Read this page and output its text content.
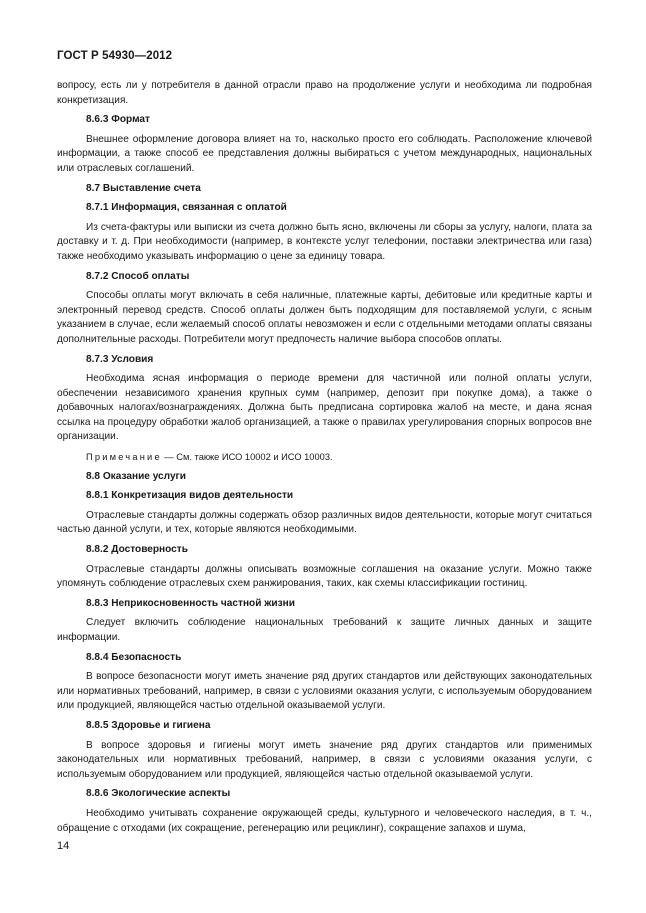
ГОСТ Р 54930—2012
вопросу, есть ли у потребителя в данной отрасли право на продолжение услуги и необходима ли подробная конкретизация.
8.6.3 Формат
Внешнее оформление договора влияет на то, насколько просто его соблюдать. Расположение ключевой информации, а также способ ее представления должны выбираться с учетом международных, национальных или отраслевых соглашений.
8.7 Выставление счета
8.7.1 Информация, связанная с оплатой
Из счета-фактуры или выписки из счета должно быть ясно, включены ли сборы за услугу, налоги, плата за доставку и т. д. При необходимости (например, в контексте услуг телефонии, поставки электричества или газа) также необходимо указывать информацию о цене за единицу товара.
8.7.2 Способ оплаты
Способы оплаты могут включать в себя наличные, платежные карты, дебитовые или кредитные карты и электронный перевод средств. Способ оплаты должен быть подходящим для поставляемой услуги, с ясным указанием в случае, если желаемый способ оплаты невозможен и если с отдельными методами оплаты связаны дополнительные расходы. Потребители могут предпочесть наличие выбора способов оплаты.
8.7.3 Условия
Необходима ясная информация о периоде времени для частичной или полной оплаты услуги, обеспечении независимого хранения крупных сумм (например, депозит при покупке дома), а также о добавочных налогах/вознаграждениях. Должна быть предписана сортировка жалоб на месте, и дана ясная ссылка на процедуру обработки жалоб организацией, а также о правилах урегулирования спорных вопросов вне организации.
Примечание — См. также ИСО 10002 и ИСО 10003.
8.8 Оказание услуги
8.8.1 Конкретизация видов деятельности
Отраслевые стандарты должны содержать обзор различных видов деятельности, которые могут считаться частью данной услуги, и тех, которые являются необходимыми.
8.8.2 Достоверность
Отраслевые стандарты должны описывать возможные соглашения на оказание услуги. Можно также упомянуть соблюдение отраслевых схем ранжирования, таких, как схемы классификации гостиниц.
8.8.3 Неприкосновенность частной жизни
Следует включить соблюдение национальных требований к защите личных данных и защите информации.
8.8.4 Безопасность
В вопросе безопасности могут иметь значение ряд других стандартов или действующих законодательных или нормативных требований, например, в связи с условиями оказания услуги, с используемым оборудованием или продукцией, являющейся частью отдельной оказываемой услуги.
8.8.5 Здоровье и гигиена
В вопросе здоровья и гигиены могут иметь значение ряд других стандартов или применимых законодательных или нормативных требований, например, в связи с условиями оказания услуги, с используемым оборудованием или продукцией, являющейся частью отдельной оказываемой услуги.
8.8.6 Экологические аспекты
Необходимо учитывать сохранение окружающей среды, культурного и человеческого наследия, в т. ч., обращение с отходами (их сокращение, регенерацию или рециклинг), сокращение запахов и шума,
14
